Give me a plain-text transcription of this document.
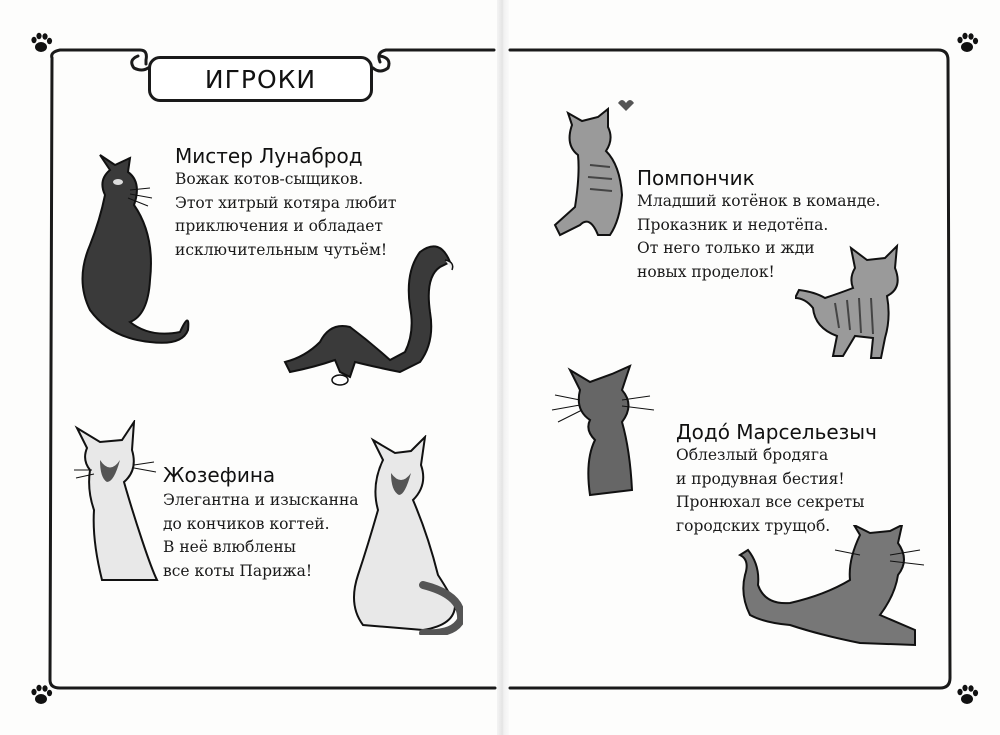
ИГРОКИ
Мистер Лунаброд
Вожак котов-сыщиков.
Этот хитрый котяра любит
приключения и обладает
исключительным чутьём!
Жозефина
Элегантна и изысканна
до кончиков когтей.
В неё влюблены
все коты Парижа!
Помпончик
Младший котёнок в команде.
Проказник и недотёпа.
От него только и жди
новых проделок!
Додо́ Марсельезыч
Облезлый бродяга
и продувная бестия!
Пронюхал все секреты
городских трущоб.
